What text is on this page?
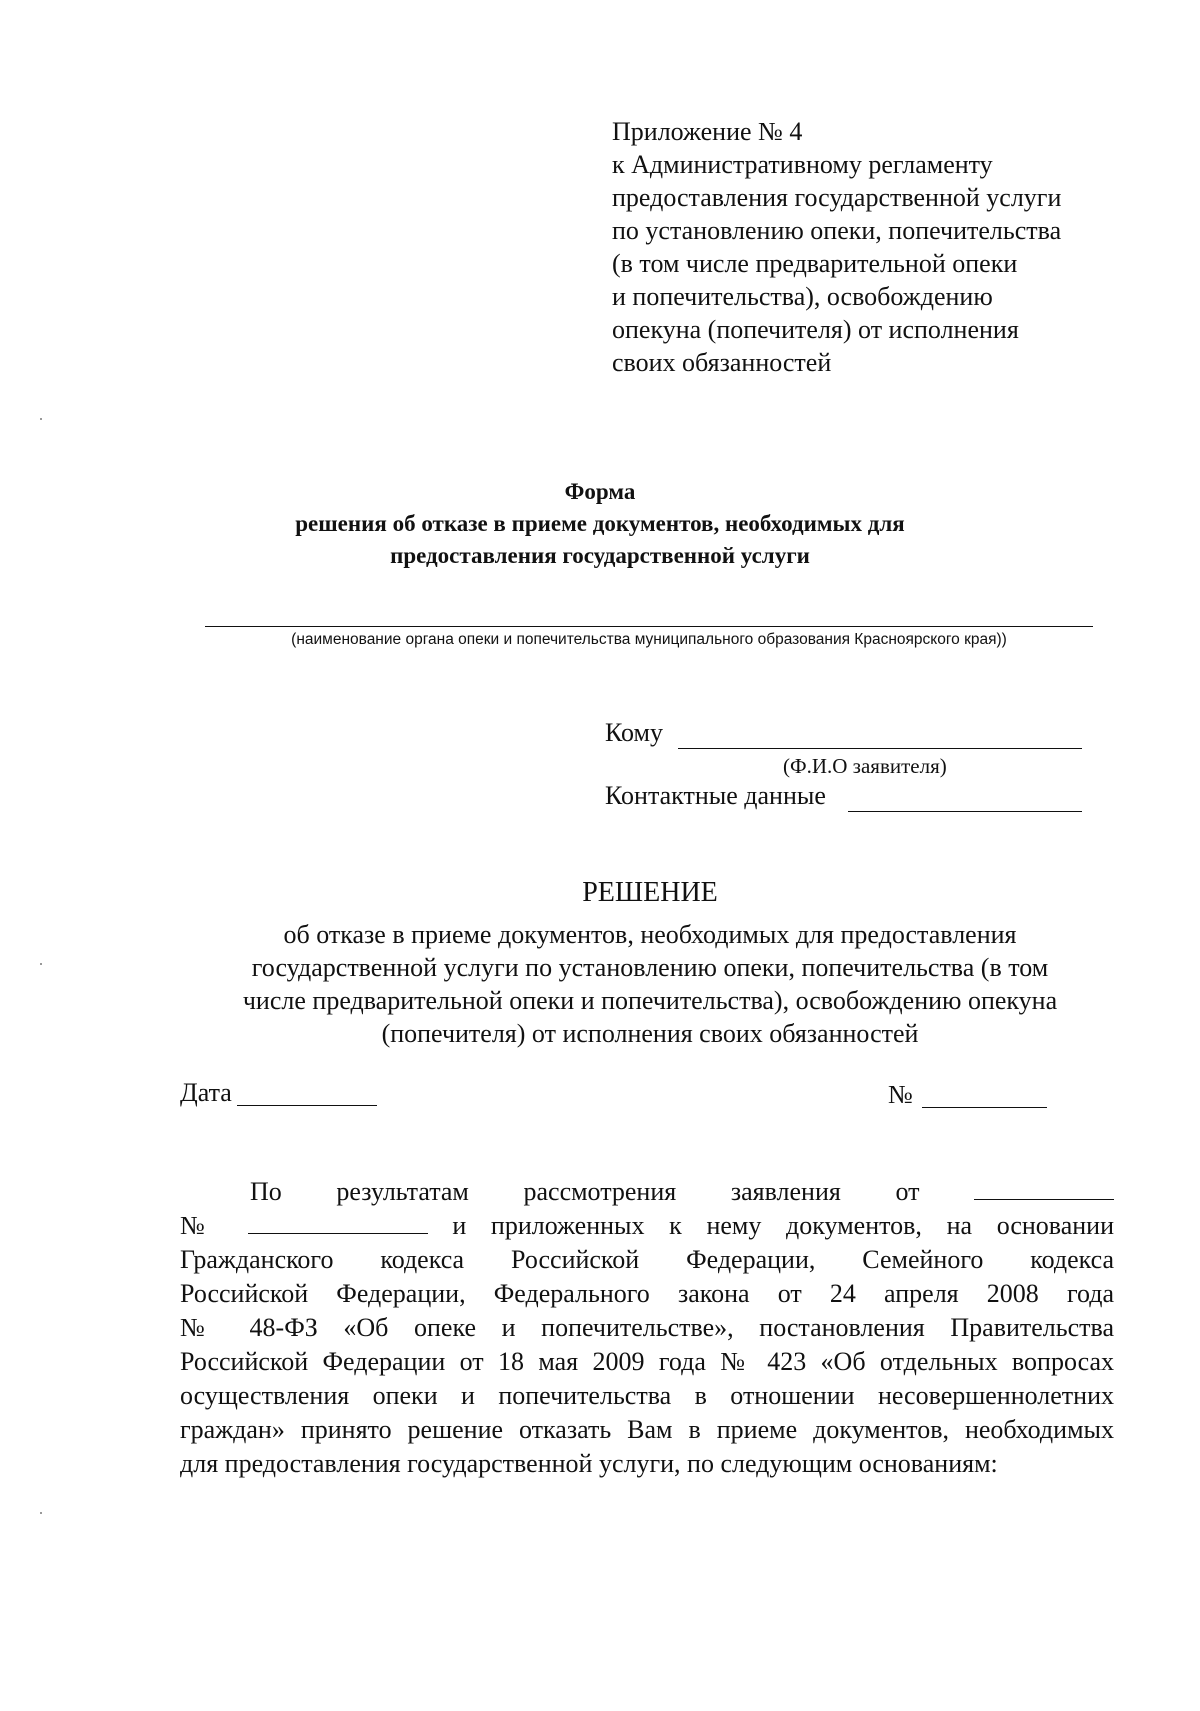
Приложение № 4
к Административному регламенту
предоставления государственной услуги
по установлению опеки, попечительства
(в том числе предварительной опеки
и попечительства), освобождению
опекуна (попечителя) от исполнения
своих обязанностей
Форма
решения об отказе в приеме документов, необходимых для
предоставления государственной услуги
(наименование органа опеки и попечительства муниципального образования Красноярского края))
Кому
(Ф.И.О заявителя)
Контактные данные
РЕШЕНИЕ
об отказе в приеме документов, необходимых для предоставления
государственной услуги по установлению опеки, попечительства (в том
числе предварительной опеки и попечительства), освобождению опекуна
(попечителя) от исполнения своих обязанностей
Дата	№
По результатам рассмотрения заявления от
№	и приложенных к нему документов, на основании
Гражданского кодекса Российской Федерации, Семейного кодекса
Российской Федерации, Федерального закона от 24 апреля 2008 года
№ 48-ФЗ «Об опеке и попечительстве», постановления Правительства
Российской Федерации от 18 мая 2009 года № 423 «Об отдельных вопросах
осуществления опеки и попечительства в отношении несовершеннолетних
граждан» принято решение отказать Вам в приеме документов, необходимых
для предоставления государственной услуги, по следующим основаниям:
